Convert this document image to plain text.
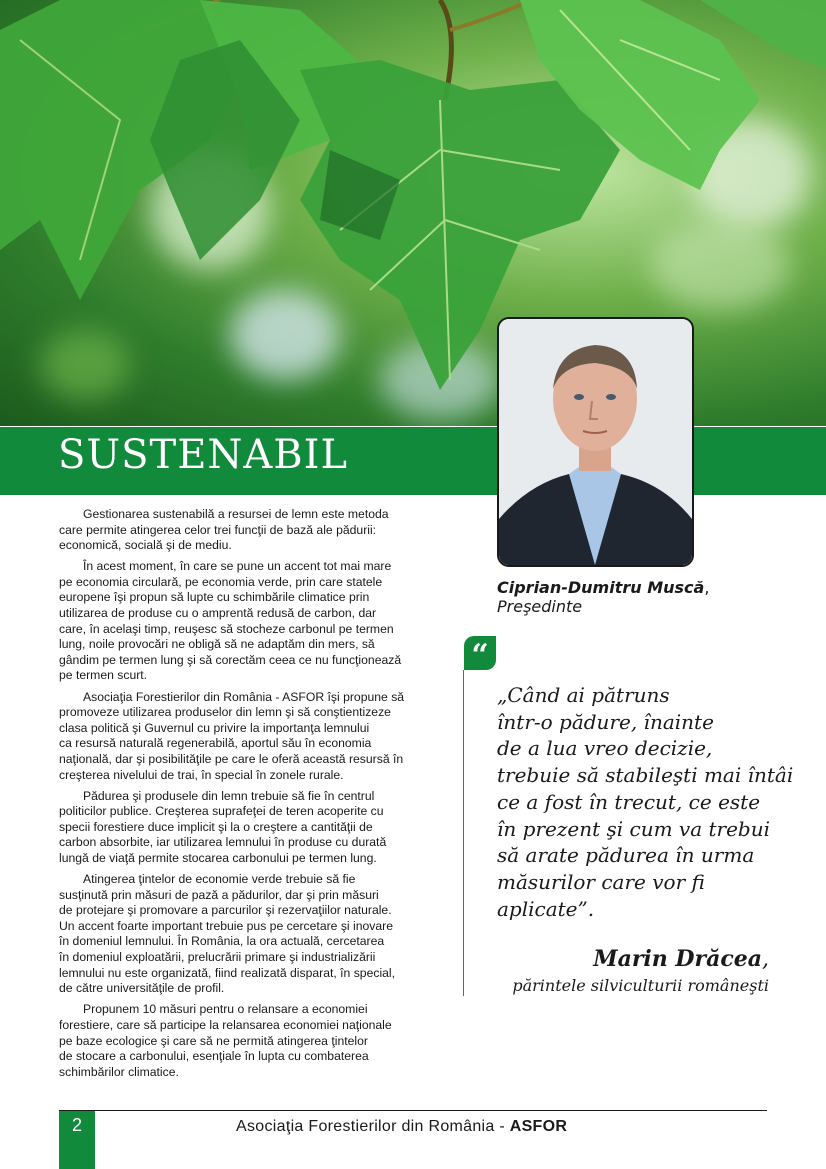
SUSTENABIL
Ciprian-Dumitru Muscă,
Preşedinte
“
„Când ai pătruns
într-o pădure, înainte
de a lua vreo decizie,
trebuie să stabileşti mai întâi
ce a fost în trecut, ce este
în prezent şi cum va trebui
să arate pădurea în urma
măsurilor care vor fi
aplicate”.
Marin Drăcea,
părintele silviculturii româneşti

Gestionarea sustenabilă a resursei de lemn este metoda
care permite atingerea celor trei funcţii de bază ale pădurii:
economică, socială şi de mediu.

În acest moment, în care se pune un accent tot mai mare
pe economia circulară, pe economia verde, prin care statele
europene îşi propun să lupte cu schimbările climatice prin
utilizarea de produse cu o amprentă redusă de carbon, dar
care, în acelaşi timp, reuşesc să stocheze carbonul pe termen
lung, noile provocări ne obligă să ne adaptăm din mers, să
gândim pe termen lung şi să corectăm ceea ce nu funcţionează
pe termen scurt.

Asociaţia Forestierilor din România - ASFOR îşi propune să
promoveze utilizarea produselor din lemn şi să conştientizeze
clasa politică şi Guvernul cu privire la importanţa lemnului
ca resursă naturală regenerabilă, aportul său în economia
naţională, dar şi posibilităţile pe care le oferă această resursă în
creşterea nivelului de trai, în special în zonele rurale.

Pădurea şi produsele din lemn trebuie să fie în centrul
politicilor publice. Creşterea suprafeţei de teren acoperite cu
specii forestiere duce implicit şi la o creştere a cantităţii de
carbon absorbite, iar utilizarea lemnului în produse cu durată
lungă de viaţă permite stocarea carbonului pe termen lung.

Atingerea ţintelor de economie verde trebuie să fie
susţinută prin măsuri de pază a pădurilor, dar şi prin măsuri
de protejare şi promovare a parcurilor şi rezervaţiilor naturale.
Un accent foarte important trebuie pus pe cercetare şi inovare
în domeniul lemnului. În România, la ora actuală, cercetarea
în domeniul exploatării, prelucrării primare şi industrializării
lemnului nu este organizată, fiind realizată disparat, în special,
de către universităţile de profil.

Propunem 10 măsuri pentru o relansare a economiei
forestiere, care să participe la relansarea economiei naţionale
pe baze ecologice şi care să ne permită atingerea ţintelor
de stocare a carbonului, esenţiale în lupta cu combaterea
schimbărilor climatice.

2	Asociaţia Forestierilor din România - ASFOR
